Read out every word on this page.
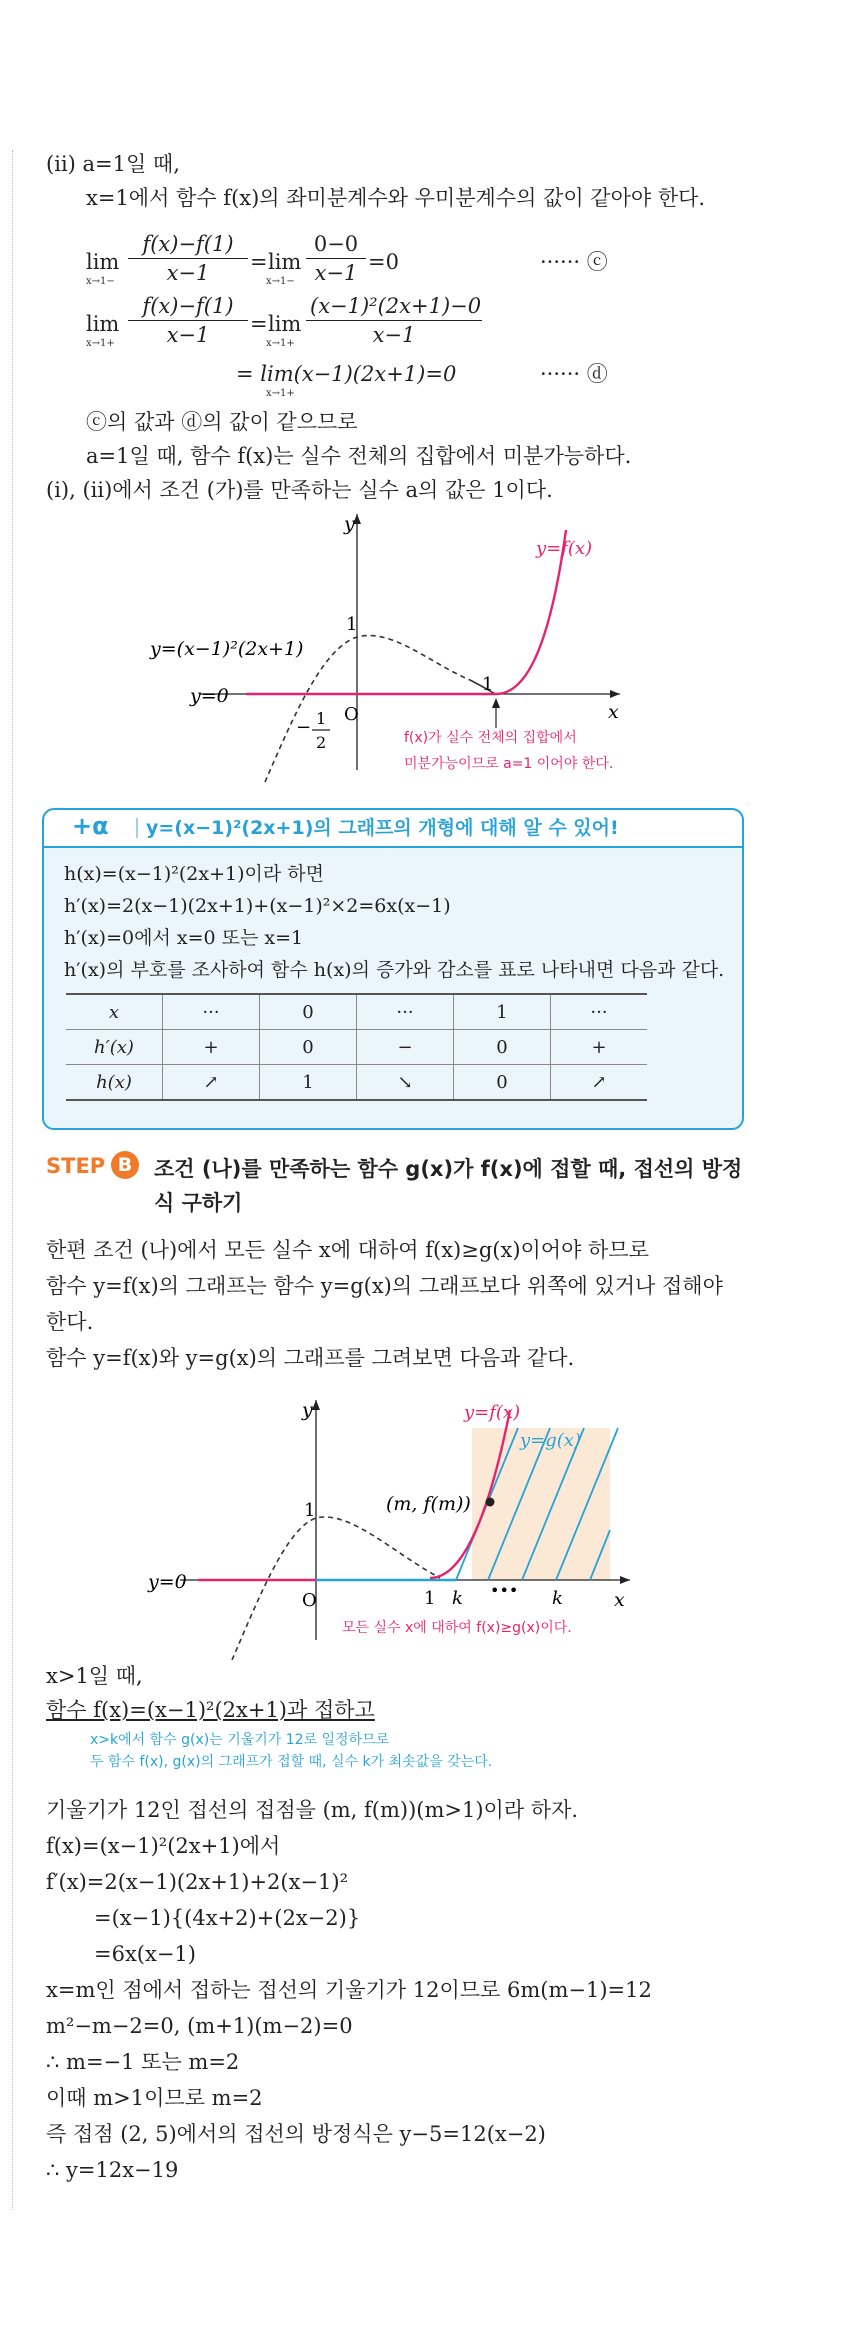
(ⅱ) a=1일 때,
x=1에서 함수 f(x)의 좌미분계수와 우미분계수의 값이 같아야 한다.
lim
$x\to 1- \frac{f(x)-f(1)}{x-1} = \lim$
$x\to 1- \frac{0-0}{x-1} =0$	······ ⓒ
lim
$x\to 1+ \frac{f(x)-f(1)}{x-1} = \lim$
$x\to 1+ \frac{\text{(x−1)²(2x+1)−0}}{x-1}$
= lim(x−1)(2x+1)=0
x→1+
······ ⓓ
ⓒ의 값과 ⓓ의 값이 같으므로
a=1일 때, 함수 f(x)는 실수 전체의 집합에서 미분가능하다.
(ⅰ), (ⅱ)에서 조건 (가)를 만족하는 실수 a의 값은 1이다.
y
x
y=f(x)
y=(x−1)²(2x+1)
y=0
1
O
1
− 1
2	f(x)가 실수 전체의 집합에서
미분가능이므로 a=1 이어야 한다.
+α y=(x−1)²(2x+1)의 그래프의 개형에 대해 알 수 있어!
h(x)=(x−1)²(2x+1)이라 하면
h′(x)=2(x−1)(2x+1)+(x−1)²×2=6x(x−1)
h′(x)=0에서 x=0 또는 x=1
h′(x)의 부호를 조사하여 함수 h(x)의 증가와 감소를 표로 나타내면 다음과 같다.
x	···	0	···	1	···
h′(x)	+	0	−	0	+
h(x)	↗	1	↘	0	↗
STEP B	조건 (나)를 만족하는 함수 g(x)가 f(x)에 접할 때, 접선의 방정식 구하기
한편 조건 (나)에서 모든 실수 x에 대하여 f(x)≥g(x)이어야 하므로
함수 y=f(x)의 그래프는 함수 y=g(x)의 그래프보다 위쪽에 있거나 접해야
한다.
함수 y=f(x)와 y=g(x)의 그래프를 그려보면 다음과 같다.
y
x
y=f(x)
y=g(x)
y=0
1
O	1 k ••• k
(m, f(m))
모든 실수 x에 대하여 f(x)≥g(x)이다.
x>1일 때,
함수 f(x)=(x−1)²(2x+1)과 접하고
x>k에서 함수 g(x)는 기울기가 12로 일정하므로
두 함수 f(x), g(x)의 그래프가 접할 때, 실수 k가 최솟값을 갖는다.
기울기가 12인 접선의 접점을 (m, f(m))(m>1)이라 하자.
f(x)=(x−1)²(2x+1)에서
f′(x)=2(x−1)(2x+1)+2(x−1)²
=(x−1){(4x+2)+(2x−2)}
=6x(x−1)
x=m인 점에서 접하는 접선의 기울기가 12이므로 6m(m−1)=12
m²−m−2=0, (m+1)(m−2)=0
∴ m=−1 또는 m=2
이때 m>1이므로 m=2
즉 접점 (2, 5)에서의 접선의 방정식은 y−5=12(x−2)
∴ y=12x−19
